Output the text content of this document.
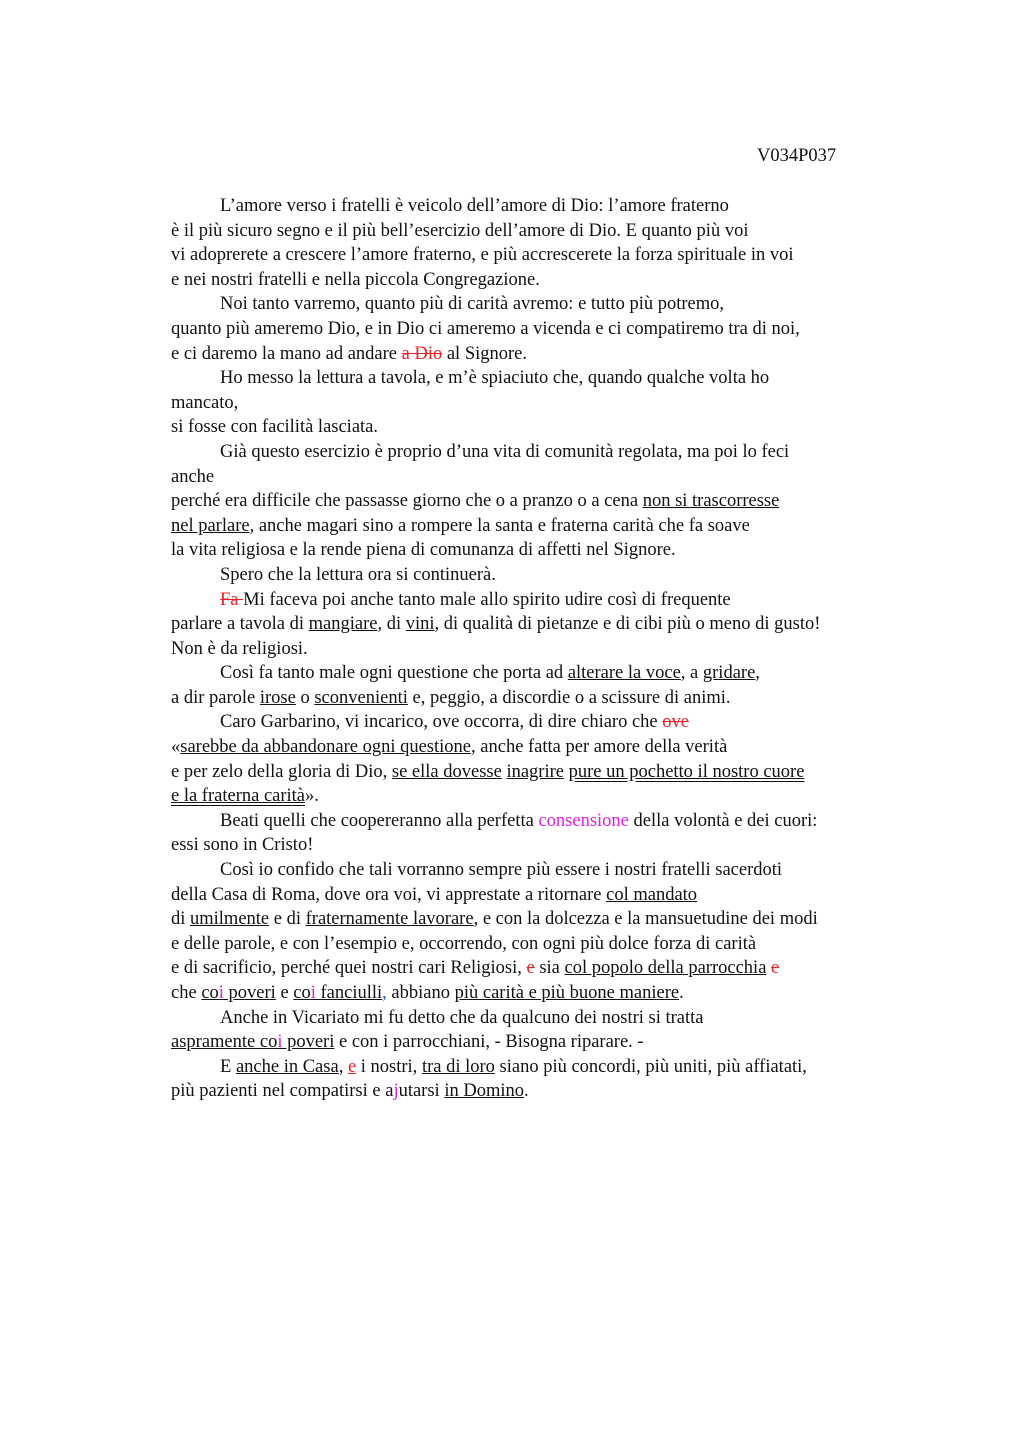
V034P037
L’amore verso i fratelli è veicolo dell’amore di Dio: l’amore fraterno
è il più sicuro segno e il più bell’esercizio dell’amore di Dio. E quanto più voi
vi adoprerete a crescere l’amore fraterno, e più accrescerete la forza spirituale in voi
e nei nostri fratelli e nella piccola Congregazione.
Noi tanto varremo, quanto più di carità avremo: e tutto più potremo,
quanto più ameremo Dio, e in Dio ci ameremo a vicenda e ci compatiremo tra di noi,
e ci daremo la mano ad andare a Dio al Signore.
Ho messo la lettura a tavola, e m’è spiaciuto che, quando qualche volta ho
mancato,
si fosse con facilità lasciata.
Già questo esercizio è proprio d’una vita di comunità regolata, ma poi lo feci
anche
perché era difficile che passasse giorno che o a pranzo o a cena non si trascorresse
nel parlare, anche magari sino a rompere la santa e fraterna carità che fa soave
la vita religiosa e la rende piena di comunanza di affetti nel Signore.
Spero che la lettura ora si continuerà.
Fa Mi faceva poi anche tanto male allo spirito udire così di frequente
parlare a tavola di mangiare, di vini, di qualità di pietanze e di cibi più o meno di gusto!
Non è da religiosi.
Così fa tanto male ogni questione che porta ad alterare la voce, a gridare,
a dir parole irose o sconvenienti e, peggio, a discordie o a scissure di animi.
Caro Garbarino, vi incarico, ove occorra, di dire chiaro che ove
«sarebbe da abbandonare ogni questione, anche fatta per amore della verità
e per zelo della gloria di Dio, se ella dovesse inagrire pure un pochetto il nostro cuore
e la fraterna carità».
Beati quelli che coopereranno alla perfetta consensione della volontà e dei cuori:
essi sono in Cristo!
Così io confido che tali vorranno sempre più essere i nostri fratelli sacerdoti
della Casa di Roma, dove ora voi, vi apprestate a ritornare col mandato
di umilmente e di fraternamente lavorare, e con la dolcezza e la mansuetudine dei modi
e delle parole, e con l’esempio e, occorrendo, con ogni più dolce forza di carità
e di sacrificio, perché quei nostri cari Religiosi, e sia col popolo della parrocchia e
che coi poveri e coi fanciulli, abbiano più carità e più buone maniere.
Anche in Vicariato mi fu detto che da qualcuno dei nostri si tratta
aspramente coi poveri e con i parrocchiani, - Bisogna riparare. -
E anche in Casa, e i nostri, tra di loro siano più concordi, più uniti, più affiatati,
più pazienti nel compatirsi e ajutarsi in Domino.
